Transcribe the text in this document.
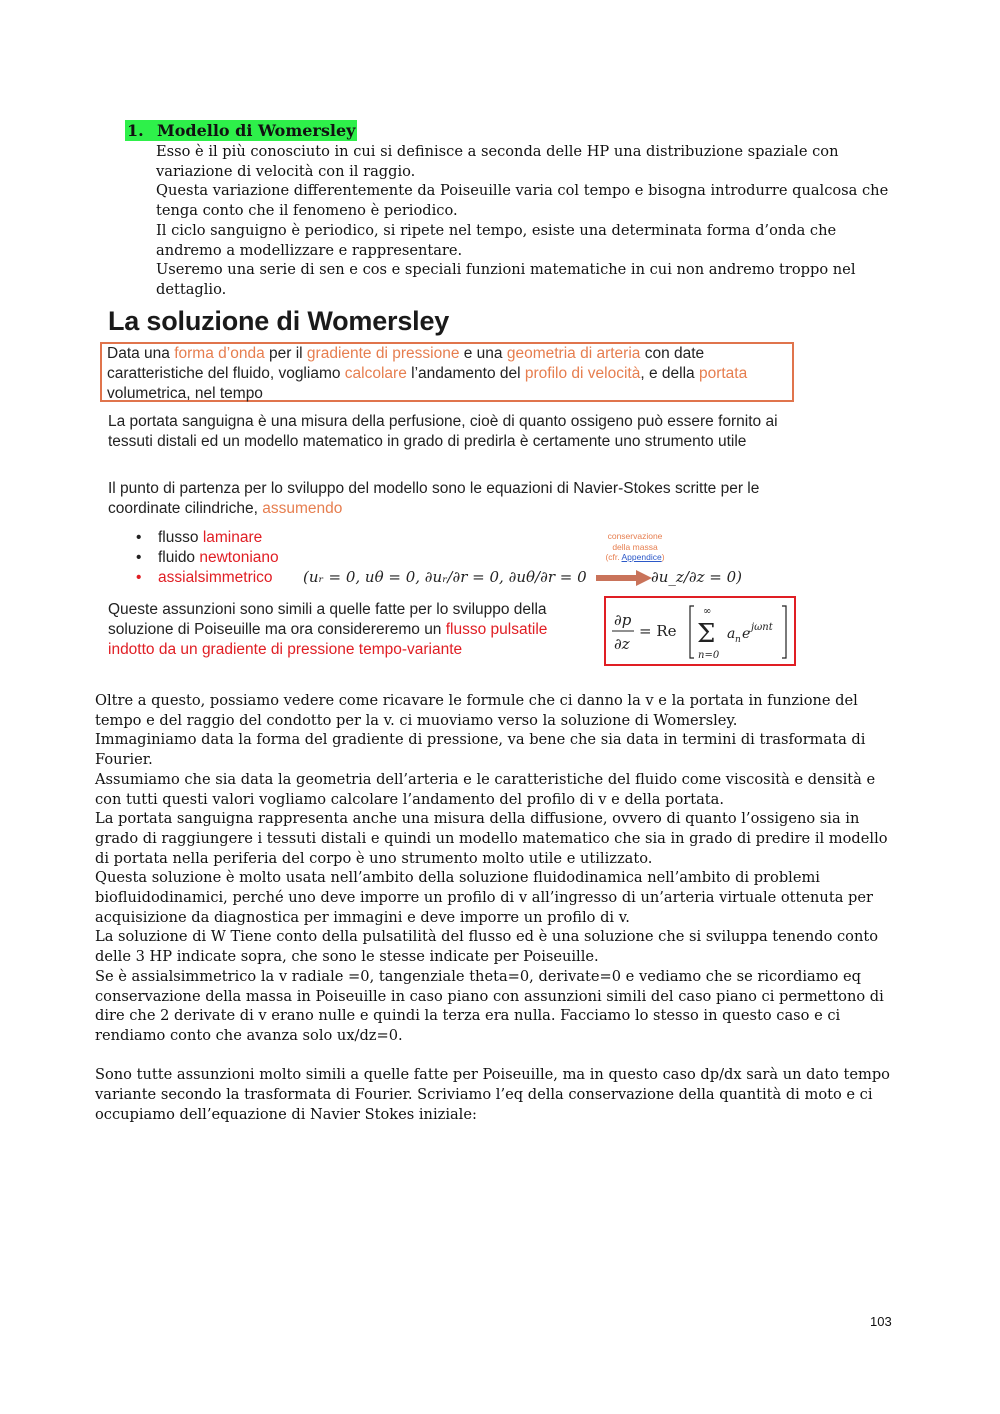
1. Modello di Womersley

Esso è il più conosciuto in cui si definisce a seconda delle HP una distribuzione spaziale con variazione di velocità con il raggio.

Questa variazione differentemente da Poiseuille varia col tempo e bisogna introdurre qualcosa che tenga conto che il fenomeno è periodico.

Il ciclo sanguigno è periodico, si ripete nel tempo, esiste una determinata forma d’onda che andremo a modellizzare e rappresentare.

Useremo una serie di sen e cos e speciali funzioni matematiche in cui non andremo troppo nel dettaglio.

La soluzione di Womersley
Data una forma d’onda per il gradiente di pressione e una geometria di arteria con date caratteristiche del fluido, vogliamo calcolare l’andamento del profilo di velocità, e della portata volumetrica, nel tempo

La portata sanguigna è una misura della perfusione, cioè di quanto ossigeno può essere fornito ai tessuti distali ed un modello matematico in grado di predirla è certamente uno strumento utile

Il punto di partenza per lo sviluppo del modello sono le equazioni di Navier-Stokes scritte per le coordinate cilindriche, assumendo

• flusso laminare
• fluido newtoniano
• assialsimmetrico	(uᵣ = 0, uθ = 0, ∂uᵣ/∂r = 0, ∂uθ/∂r = 0
conservazione
della massa
(cfr. Appendice)
∂u_z/∂z = 0)

Queste assunzioni sono simili a quelle fatte per lo sviluppo della soluzione di Poiseuille ma ora considereremo un flusso pulsatile indotto da un gradiente di pressione tempo-variante

∂p
∂z
= Re
∞
Σ
n=0
a n e jωnt

Oltre a questo, possiamo vedere come ricavare le formule che ci danno la v e la portata in funzione del tempo e del raggio del condotto per la v. ci muoviamo verso la soluzione di Womersley.

Immaginiamo data la forma del gradiente di pressione, va bene che sia data in termini di trasformata di Fourier.

Assumiamo che sia data la geometria dell’arteria e le caratteristiche del fluido come viscosità e densità e con tutti questi valori vogliamo calcolare l’andamento del profilo di v e della portata.

La portata sanguigna rappresenta anche una misura della diffusione, ovvero di quanto l’ossigeno sia in grado di raggiungere i tessuti distali e quindi un modello matematico che sia in grado di predire il modello di portata nella periferia del corpo è uno strumento molto utile e utilizzato.

Questa soluzione è molto usata nell’ambito della soluzione fluidodinamica nell’ambito di problemi biofluidodinamici, perché uno deve imporre un profilo di v all’ingresso di un’arteria virtuale ottenuta per acquisizione da diagnostica per immagini e deve imporre un profilo di v.

La soluzione di W Tiene conto della pulsatilità del flusso ed è una soluzione che si sviluppa tenendo conto delle 3 HP indicate sopra, che sono le stesse indicate per Poiseuille.

Se è assialsimmetrico la v radiale =0, tangenziale theta=0, derivate=0 e vediamo che se ricordiamo eq conservazione della massa in Poiseuille in caso piano con assunzioni simili del caso piano ci permettono di dire che 2 derivate di v erano nulle e quindi la terza era nulla. Facciamo lo stesso in questo caso e ci rendiamo conto che avanza solo ux/dz=0.

Sono tutte assunzioni molto simili a quelle fatte per Poiseuille, ma in questo caso dp/dx sarà un dato tempo variante secondo la trasformata di Fourier. Scriviamo l’eq della conservazione della quantità di moto e ci occupiamo dell’equazione di Navier Stokes iniziale:

103
